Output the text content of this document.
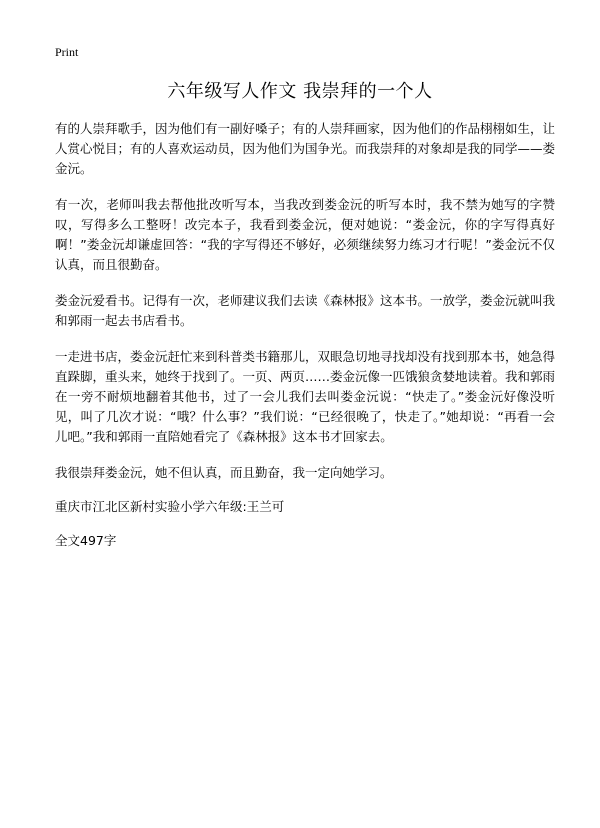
Print
六年级写人作文 我崇拜的一个人

有的人崇拜歌手，因为他们有一副好嗓子；有的人崇拜画家，因为他们的作品栩栩如生，让人赏心悦目；有的人喜欢运动员，因为他们为国争光。而我崇拜的对象却是我的同学——娄金沅。

有一次，老师叫我去帮他批改听写本，当我改到娄金沅的听写本时，我不禁为她写的字赞叹，写得多么工整呀！改完本子，我看到娄金沅，便对她说：“娄金沅，你的字写得真好啊！”娄金沅却谦虚回答：“我的字写得还不够好，必须继续努力练习才行呢！”娄金沅不仅认真，而且很勤奋。

娄金沅爱看书。记得有一次，老师建议我们去读《森林报》这本书。一放学，娄金沅就叫我和郭雨一起去书店看书。

一走进书店，娄金沅赶忙来到科普类书籍那儿，双眼急切地寻找却没有找到那本书，她急得直跺脚，重头来，她终于找到了。一页、两页……娄金沅像一匹饿狼贪婪地读着。我和郭雨在一旁不耐烦地翻着其他书，过了一会儿我们去叫娄金沅说：“快走了。”娄金沅好像没听见，叫了几次才说：“哦？什么事？”我们说：“已经很晚了，快走了。”她却说：“再看一会儿吧。”我和郭雨一直陪她看完了《森林报》这本书才回家去。

我很崇拜娄金沅，她不但认真，而且勤奋，我一定向她学习。

重庆市江北区新村实验小学六年级:王兰可

全文497字
